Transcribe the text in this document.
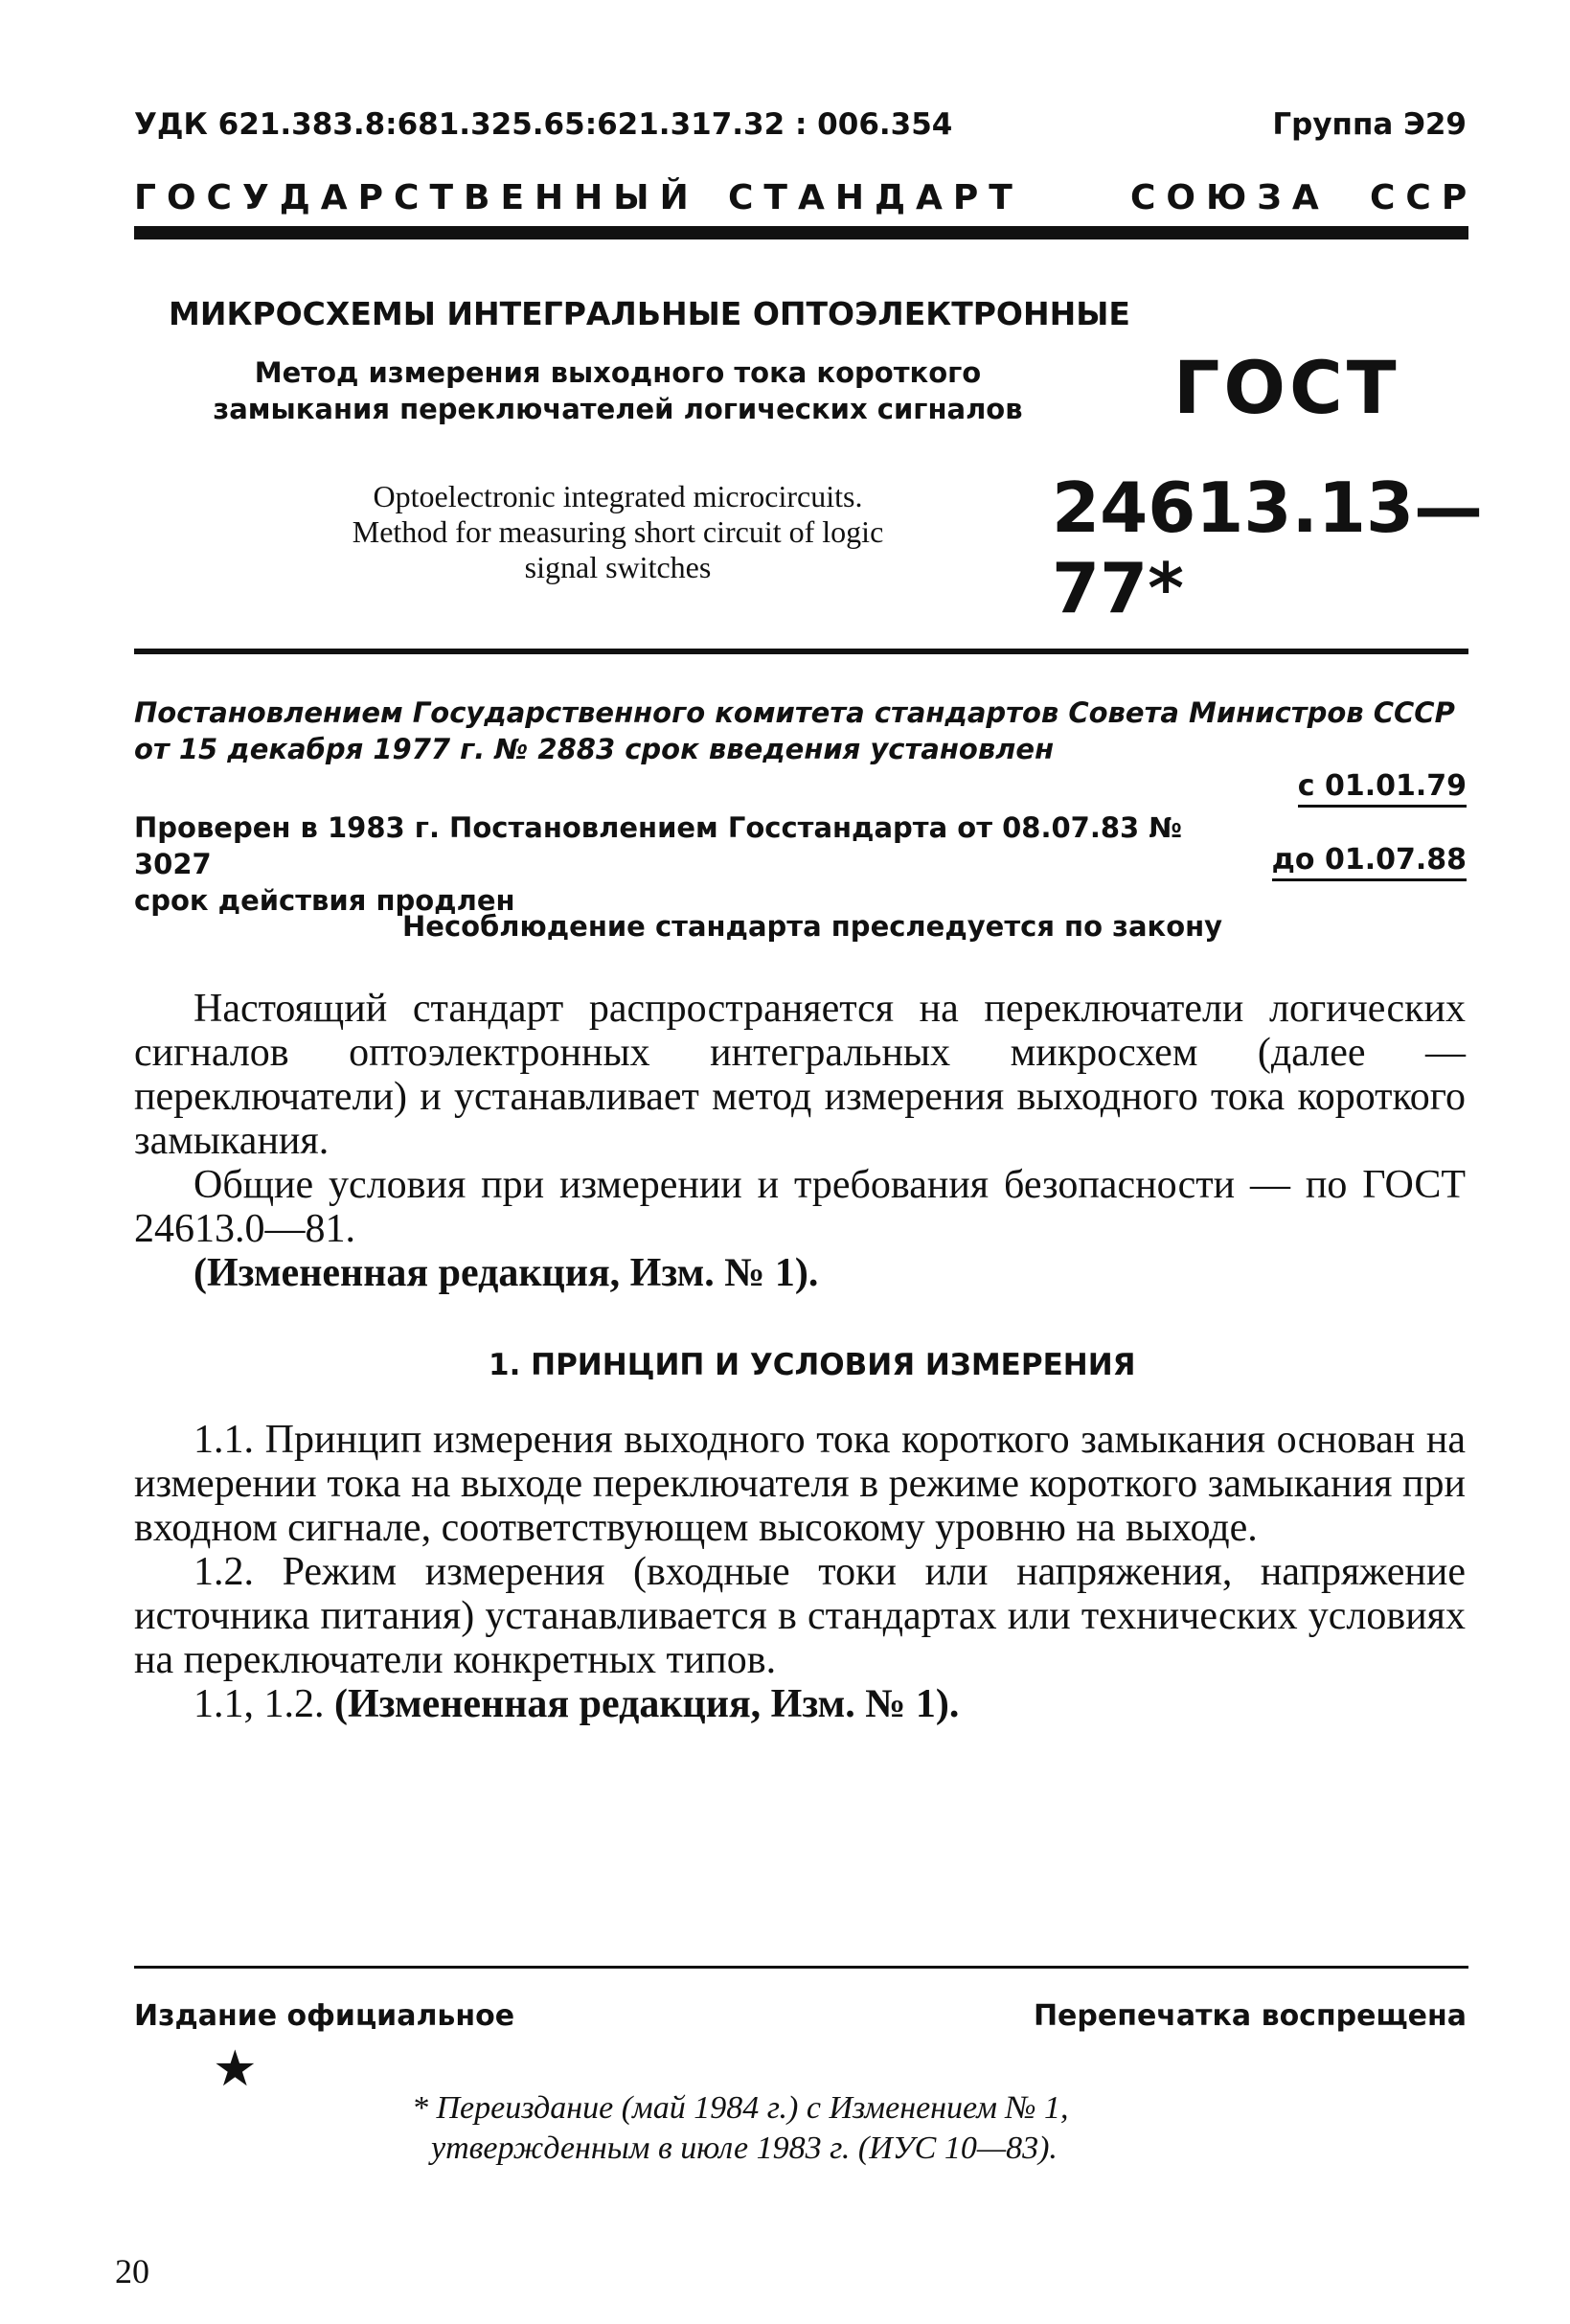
УДК 621.383.8:681.325.65:621.317.32 : 006.354	Группа Э29
ГОСУДАРСТВЕННЫЙ СТАНДАРТ	СОЮЗА ССР
МИКРОСХЕМЫ ИНТЕГРАЛЬНЫЕ ОПТОЭЛЕКТРОННЫЕ
Метод измерения выходного тока короткого
замыкания переключателей логических сигналов ГОСТ
Optoelectronic integrated microcircuits.
Method for measuring short circuit of logic
signal switches
24613.13—77*
Постановлением Государственного комитета стандартов Совета Министров СССР
от 15 декабря 1977 г. № 2883 срок введения установлен
с 01.01.79
Проверен в 1983 г. Постановлением Госстандарта от 08.07.83 № 3027
срок действия продлен
до 01.07.88
Несоблюдение стандарта преследуется по закону

Настоящий стандарт распространяется на переключатели логических сигналов оптоэлектронных интегральных микросхем (далее — переключатели) и устанавливает метод измерения выходного тока короткого замыкания.

Общие условия при измерении и требования безопасности — по ГОСТ 24613.0—81.

(Измененная редакция, Изм. № 1).

1. ПРИНЦИП И УСЛОВИЯ ИЗМЕРЕНИЯ

1.1. Принцип измерения выходного тока короткого замыкания основан на измерении тока на выходе переключателя в режиме короткого замыкания при входном сигнале, соответствующем высокому уровню на выходе.

1.2. Режим измерения (входные токи или напряжения, напряжение источника питания) устанавливается в стандартах или технических условиях на переключатели конкретных типов.

1.1, 1.2. (Измененная редакция, Изм. № 1).

Издание официальное	Перепечатка воспрещена
★
* Переиздание (май 1984 г.) с Изменением № 1,
утвержденным в июле 1983 г. (ИУС 10—83).
20
